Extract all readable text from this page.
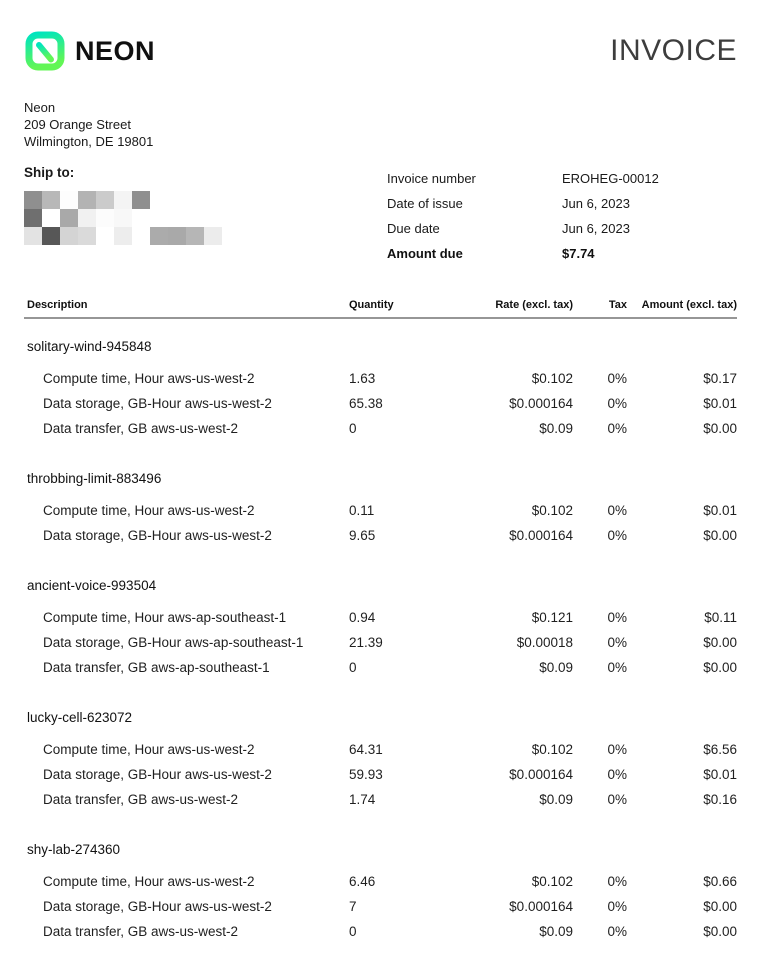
NEON	INVOICE
Neon
209 Orange Street
Wilmington, DE 19801
Ship to:	Invoice number	EROHEG-00012
Date of issue	Jun 6, 2023
Due date	Jun 6, 2023
Amount due	$7.74
Description	Quantity	Rate (excl. tax)	Tax	Amount (excl. tax)
solitary-wind-945848
Compute time, Hour aws-us-west-2	1.63	$0.102	0%	$0.17
Data storage, GB-Hour aws-us-west-2	65.38	$0.000164	0%	$0.01
Data transfer, GB aws-us-west-2	0	$0.09	0%	$0.00
throbbing-limit-883496
Compute time, Hour aws-us-west-2	0.11	$0.102	0%	$0.01
Data storage, GB-Hour aws-us-west-2	9.65	$0.000164	0%	$0.00
ancient-voice-993504
Compute time, Hour aws-ap-southeast-1	0.94	$0.121	0%	$0.11
Data storage, GB-Hour aws-ap-southeast-1	21.39	$0.00018	0%	$0.00
Data transfer, GB aws-ap-southeast-1	0	$0.09	0%	$0.00
lucky-cell-623072
Compute time, Hour aws-us-west-2	64.31	$0.102	0%	$6.56
Data storage, GB-Hour aws-us-west-2	59.93	$0.000164	0%	$0.01
Data transfer, GB aws-us-west-2	1.74	$0.09	0%	$0.16
shy-lab-274360
Compute time, Hour aws-us-west-2	6.46	$0.102	0%	$0.66
Data storage, GB-Hour aws-us-west-2	7	$0.000164	0%	$0.00
Data transfer, GB aws-us-west-2	0	$0.09	0%	$0.00
